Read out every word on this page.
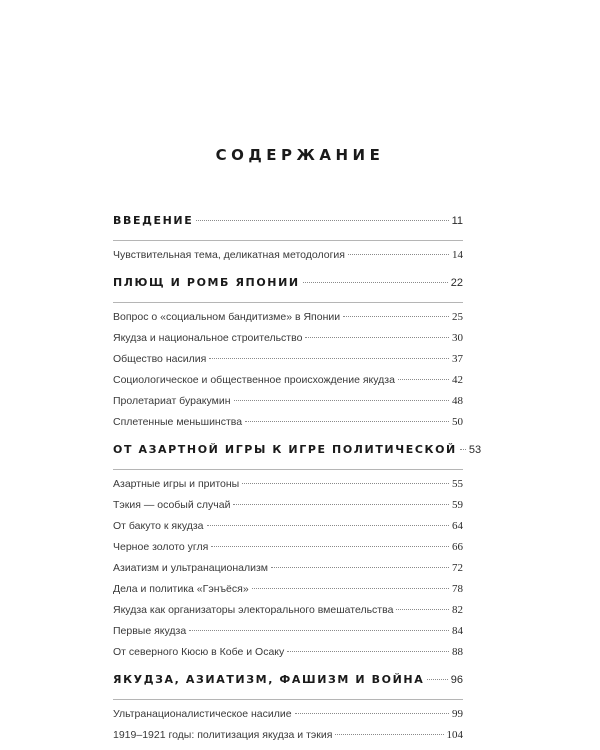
СОДЕРЖАНИЕ
ВВЕДЕНИЕ	11
Чувствительная тема, деликатная методология	14
ПЛЮЩ И РОМБ ЯПОНИИ	22
Вопрос о «социальном бандитизме» в Японии	25
Якудза и национальное строительство	30
Общество насилия	37
Социологическое и общественное происхождение якудза	42
Пролетариат буракумин	48
Сплетенные меньшинства	50
ОТ АЗАРТНОЙ ИГРЫ К ИГРЕ ПОЛИТИЧЕСКОЙ 53
Азартные игры и притоны	55
Тэкия — особый случай	59
От бакуто к якудза	64
Черное золото угля	66
Азиатизм и ультранационализм	72
Дела и политика «Гэнъёся»	78
Якудза как организаторы электорального вмешательства	82
Первые якудза	84
От северного Кюсю в Кобе и Осаку	88
ЯКУДЗА, АЗИАТИЗМ, ФАШИЗМ И ВОЙНА 96
Ультранационалистическое насилие	99
1919–1921 годы: политизация якудза и тэкия	104
